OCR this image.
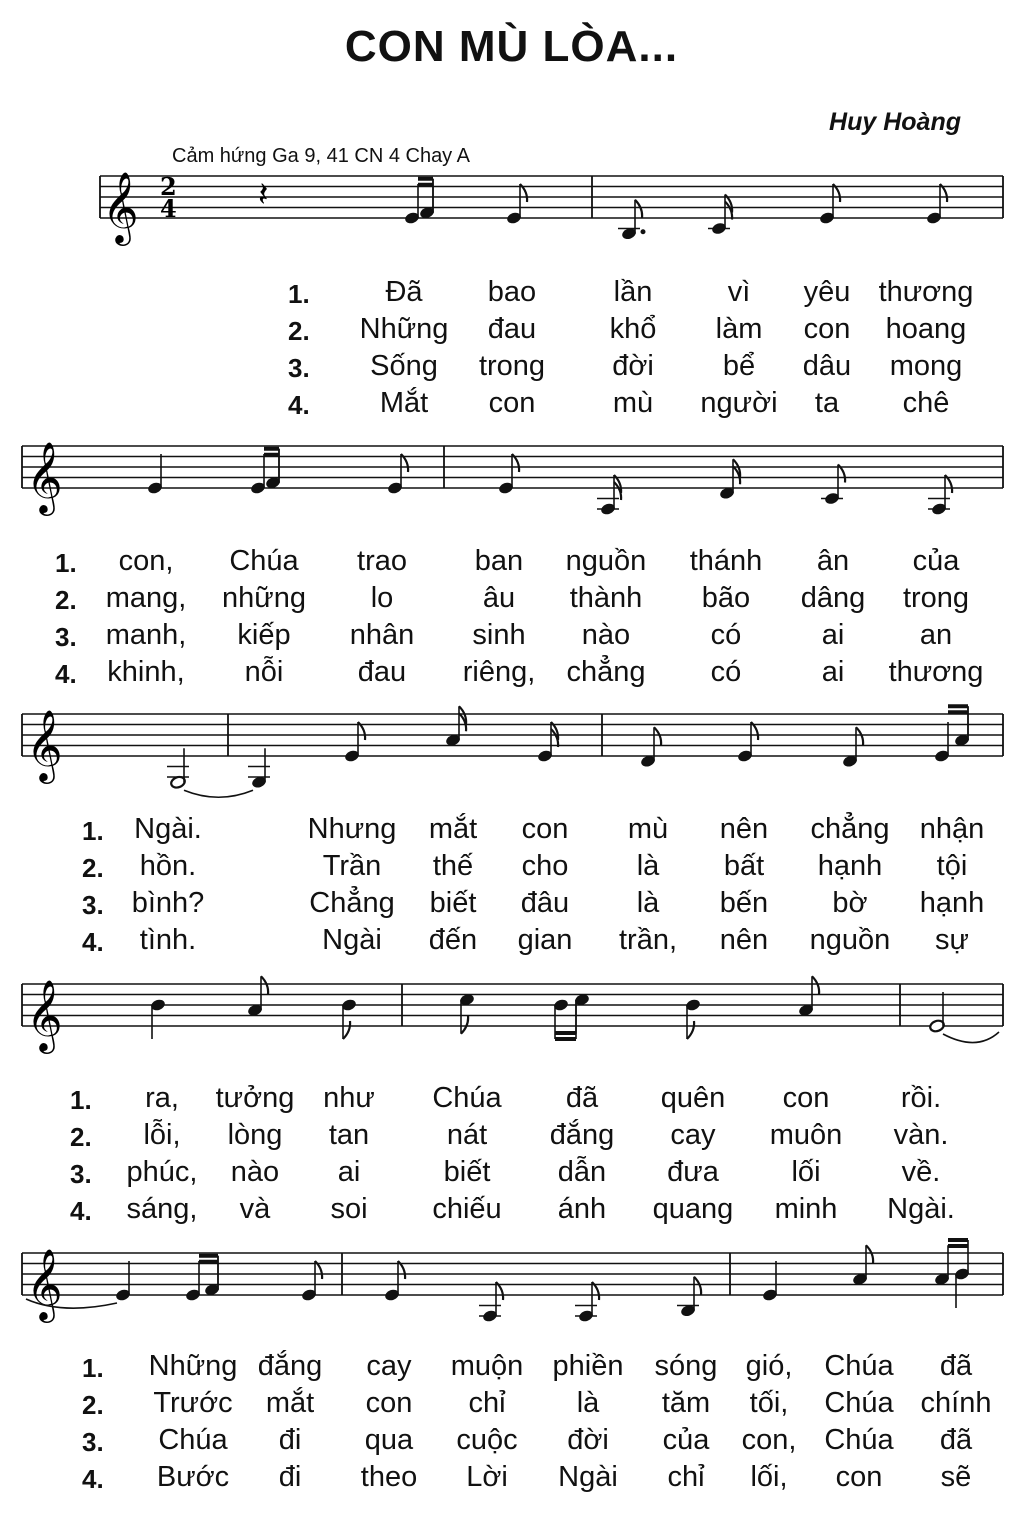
CON MÙ LÒA...
Huy Hoàng
Cảm hứng Ga 9, 41 CN 4 Chay A
𝄞 2
4 𝄽
1.	Đã bao	lần	vì yêu thương
2. Những đau	khổ làm con hoang
3. Sống trong đời bể dâu mong
4. Mắt con	mù người ta chê
𝄞
1. con, Chúa trao ban nguồn thánh ân của
2. mang, những lo	âu thành bão dâng trong
3. manh, kiếp nhân sinh nào	có	ai	an
4. khinh, nỗi	đau riêng, chẳng có	ai thương
𝄞
1. Ngài.	Nhưng mắt con mù nên chẳng nhận
2. hồn.	Trần thế cho là bất hạnh tội
3. bình?	Chẳng biết đâu là bến bờ hạnh
4. tình.	Ngài đến gian trần, nên nguồn sự
𝄞
1. ra, tưởng như Chúa đã quên con rồi.
2. lỗi, lòng tan	nát đắng cay muôn vàn.
3. phúc, nào ai	biết dẫn đưa	lối	về.
4. sáng, và soi chiếu ánh quang minh Ngài.
𝄞
1. Những đắng cay muộn phiền sóng gió, Chúa đã
2. Trước mắt con chỉ là tăm tối, Chúa chính
3. Chúa đi qua cuộc đời của con, Chúa đã
4. Bước đi theo Lời Ngài chỉ lối, con sẽ
